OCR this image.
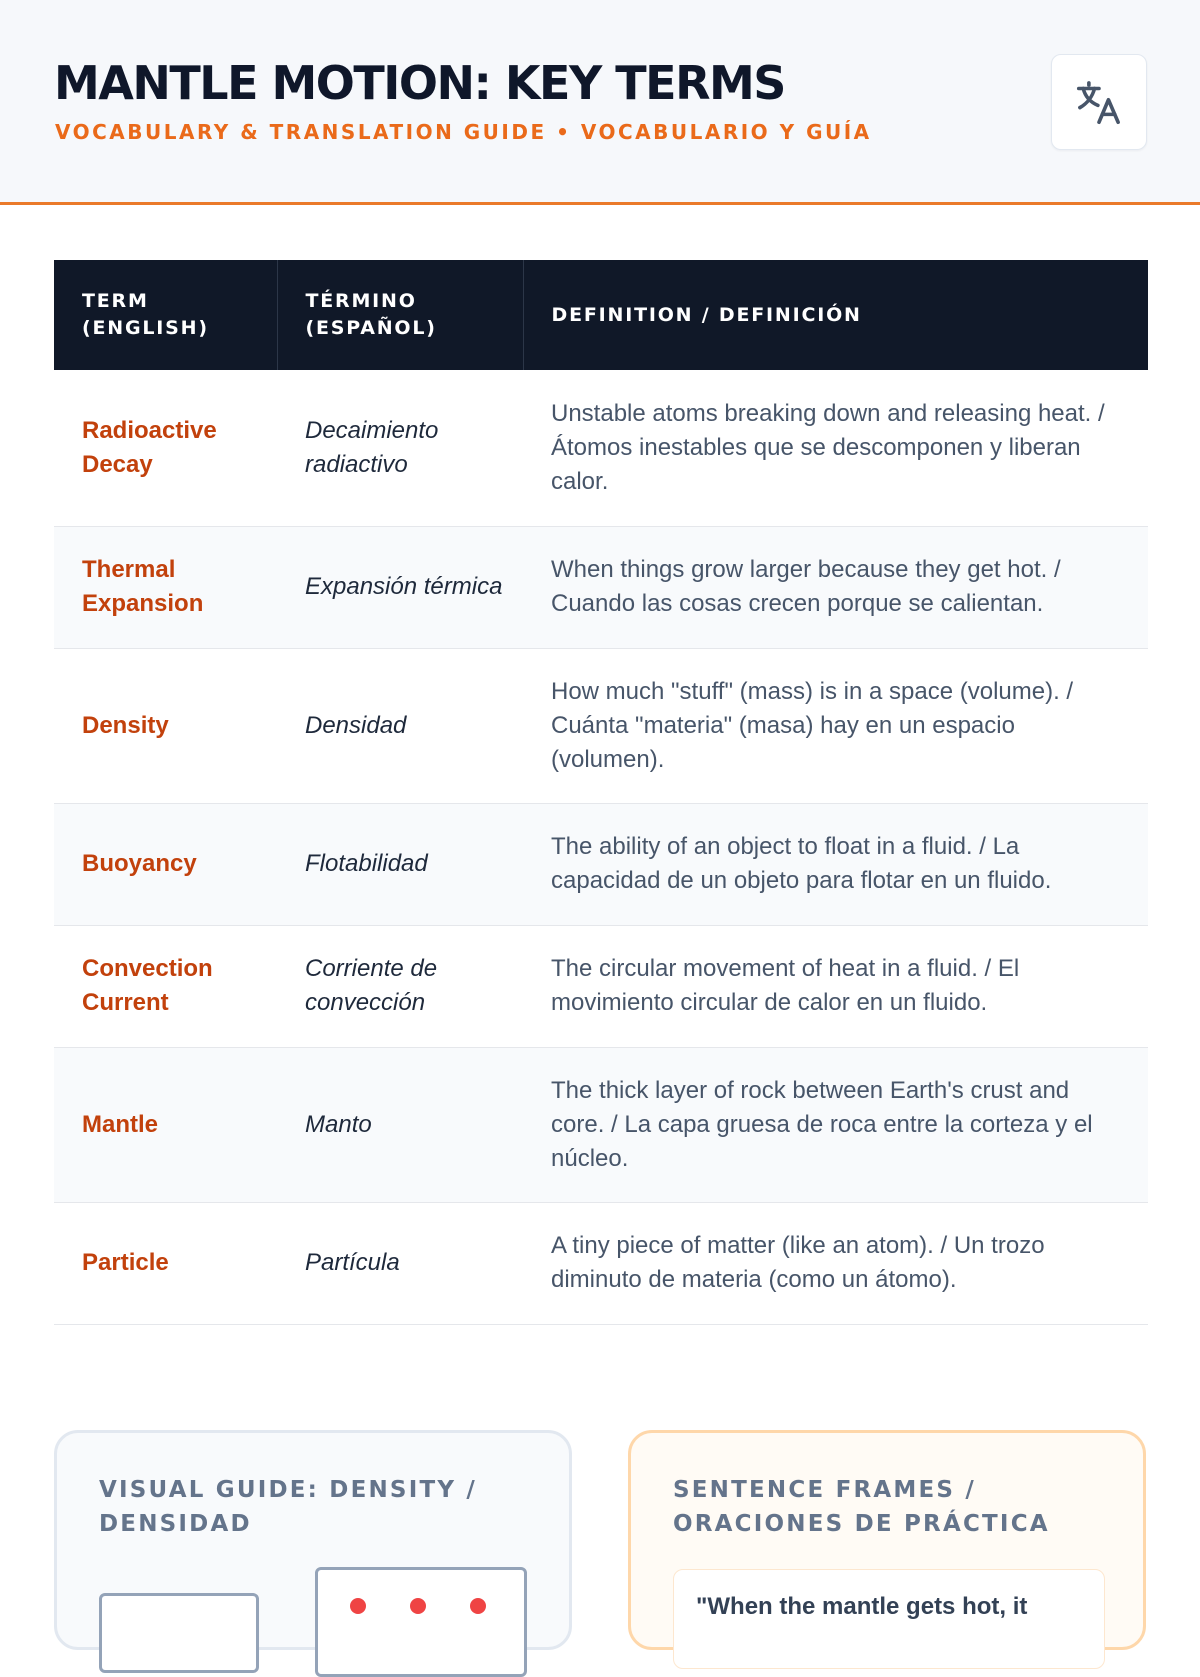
MANTLE MOTION: KEY TERMS
VOCABULARY & TRANSLATION GUIDE • VOCABULARIO Y GUÍA
TERM (ENGLISH)	TÉRMINO (ESPAÑOL)	DEFINITION / DEFINICIÓN
Radioactive Decay	Decaimiento radiactivo	Unstable atoms breaking down and releasing heat. / Átomos inestables que se descomponen y liberan calor.
Thermal Expansion	Expansión térmica	When things grow larger because they get hot. / Cuando las cosas crecen porque se calientan.
Density	Densidad	How much "stuff" (mass) is in a space (volume). / Cuánta "materia" (masa) hay en un espacio (volumen).
Buoyancy	Flotabilidad	The ability of an object to float in a fluid. / La capacidad de un objeto para flotar en un fluido.
Convection Current	Corriente de convección	The circular movement of heat in a fluid. / El movimiento circular de calor en un fluido.
Mantle	Manto	The thick layer of rock between Earth's crust and core. / La capa gruesa de roca entre la corteza y el núcleo.
Particle	Partícula	A tiny piece of matter (like an atom). / Un trozo diminuto de materia (como un átomo).
VISUAL GUIDE: DENSITY / DENSIDAD
SENTENCE FRAMES / ORACIONES DE PRÁCTICA
"When the mantle gets hot, it
